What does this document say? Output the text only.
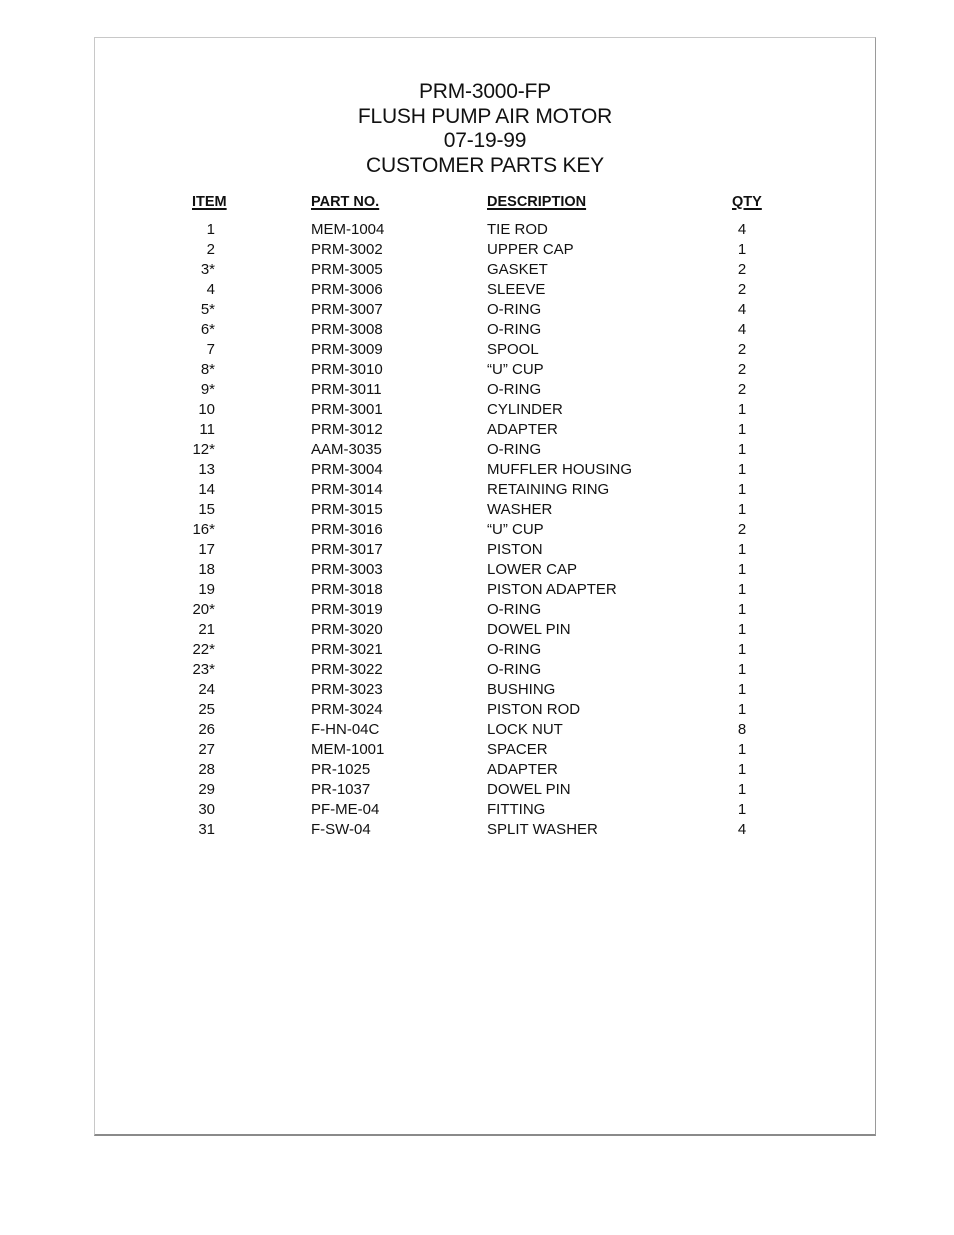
PRM-3000-FP
FLUSH PUMP AIR MOTOR
07-19-99
CUSTOMER PARTS KEY
ITEM	PART NO.	DESCRIPTION	QTY
1	MEM-1004	TIE ROD	4
2	PRM-3002	UPPER CAP	1
3*	PRM-3005	GASKET	2
4	PRM-3006	SLEEVE	2
5*	PRM-3007	O-RING	4
6*	PRM-3008	O-RING	4
7	PRM-3009	SPOOL	2
8*	PRM-3010	“U” CUP	2
9*	PRM-3011	O-RING	2
10	PRM-3001	CYLINDER	1
11	PRM-3012	ADAPTER	1
12*	AAM-3035	O-RING	1
13	PRM-3004	MUFFLER HOUSING	1
14	PRM-3014	RETAINING RING	1
15	PRM-3015	WASHER	1
16*	PRM-3016	“U” CUP	2
17	PRM-3017	PISTON	1
18	PRM-3003	LOWER CAP	1
19	PRM-3018	PISTON ADAPTER	1
20*	PRM-3019	O-RING	1
21	PRM-3020	DOWEL PIN	1
22*	PRM-3021	O-RING	1
23*	PRM-3022	O-RING	1
24	PRM-3023	BUSHING	1
25	PRM-3024	PISTON ROD	1
26	F-HN-04C	LOCK NUT	8
27	MEM-1001	SPACER	1
28	PR-1025	ADAPTER	1
29	PR-1037	DOWEL PIN	1
30	PF-ME-04	FITTING	1
31	F-SW-04	SPLIT WASHER	4
